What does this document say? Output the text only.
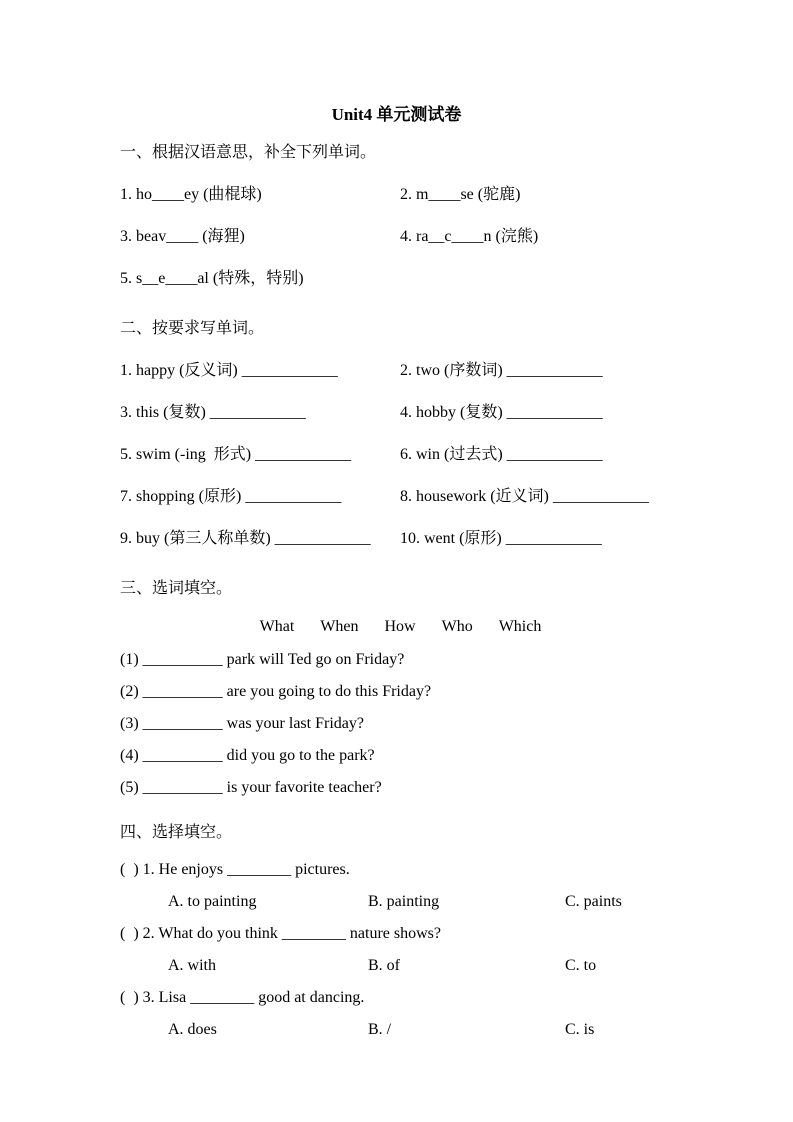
Unit4 单元测试卷
一、根据汉语意思，补全下列单词。
1. ho____ey (曲棍球)	2. m____se (驼鹿)
3. beav____ (海狸)	4. ra__c____n (浣熊)
5. s__e____al (特殊，特别)
二、按要求写单词。
1. happy (反义词) ____________	2. two (序数词) ____________
3. this (复数) ____________	4. hobby (复数) ____________
5. swim (-ing  形式) ____________	6. win (过去式) ____________
7. shopping (原形) ____________	8. housework (近义词) ____________
9. buy (第三人称单数) ____________	10. went (原形) ____________
三、选词填空。
What When How Who Which
(1) __________ park will Ted go on Friday?
(2) __________ are you going to do this Friday?
(3) __________ was your last Friday?
(4) __________ did you go to the park?
(5) __________ is your favorite teacher?
四、选择填空。
(  ) 1. He enjoys ________ pictures.
A. to painting	B. painting	C. paints
(  ) 2. What do you think ________ nature shows?
A. with	B. of	C. to
(  ) 3. Lisa ________ good at dancing.
A. does	B. /	C. is
